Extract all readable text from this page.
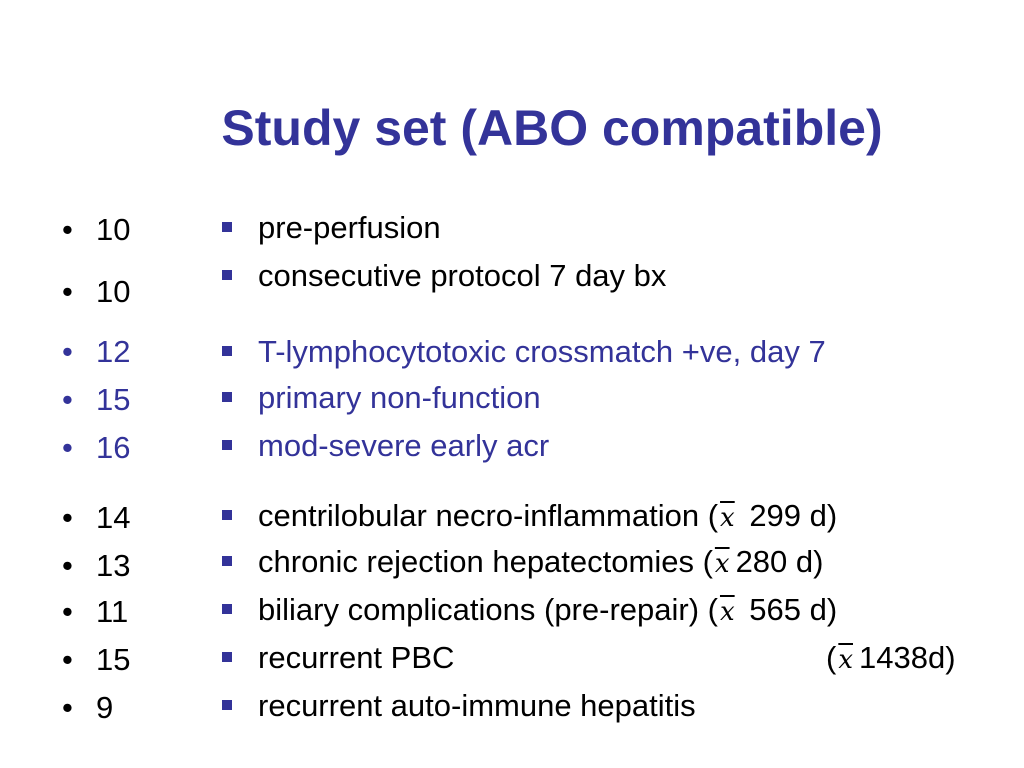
Study set (ABO compatible)
• 10
• 10
• 12
• 15
• 16
• 14
• 13
• 11
• 15
• 9
pre-perfusion
consecutive protocol 7 day bx
T-lymphocytotoxic crossmatch +ve, day 7
primary non-function
mod-severe early acr
centrilobular necro-inflammation ($\overline{x}$ 299 d)
chronic rejection hepatectomies ($\overline{x}$ 280 d)
biliary complications (pre-repair) ($\overline{x}$ 565 d)
recurrent PBC	($\overline{x}$ 1438d)
recurrent auto-immune hepatitis
